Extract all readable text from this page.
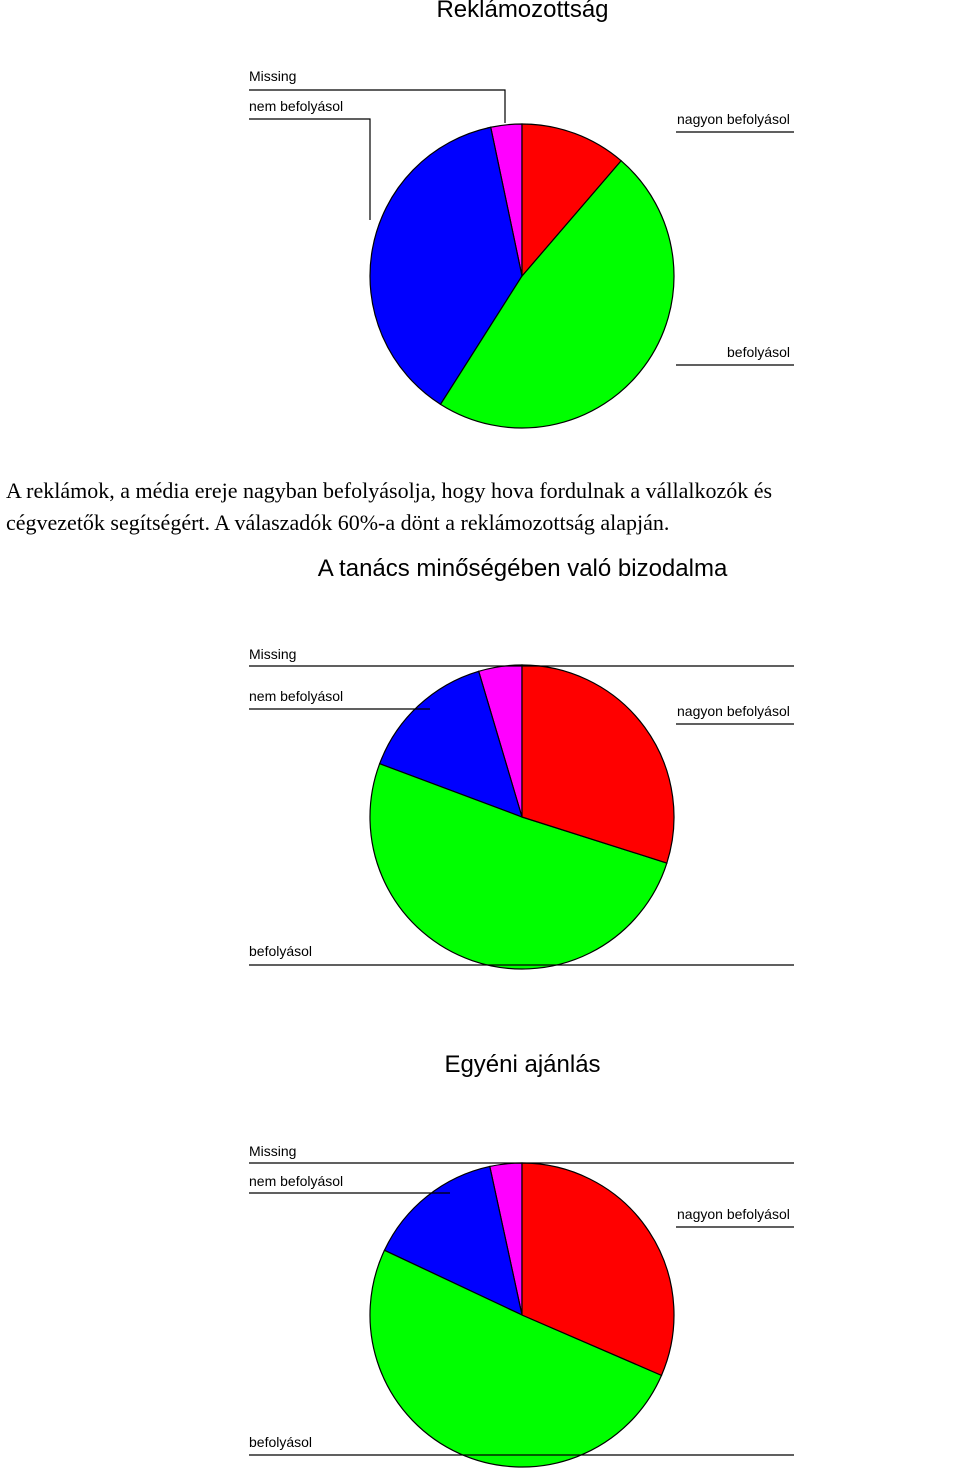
Reklámozottság
Missing
nem befolyásol
nagyon befolyásol
befolyásol
A reklámok, a média ereje nagyban befolyásolja, hogy hova fordulnak a vállalkozók és
cégvezetők segítségért. A válaszadók 60%-a dönt a reklámozottság alapján.
A tanács minőségében való bizodalma
Missing
nem befolyásol
nagyon befolyásol
befolyásol
Egyéni ajánlás
Missing
nem befolyásol
nagyon befolyásol
befolyásol
